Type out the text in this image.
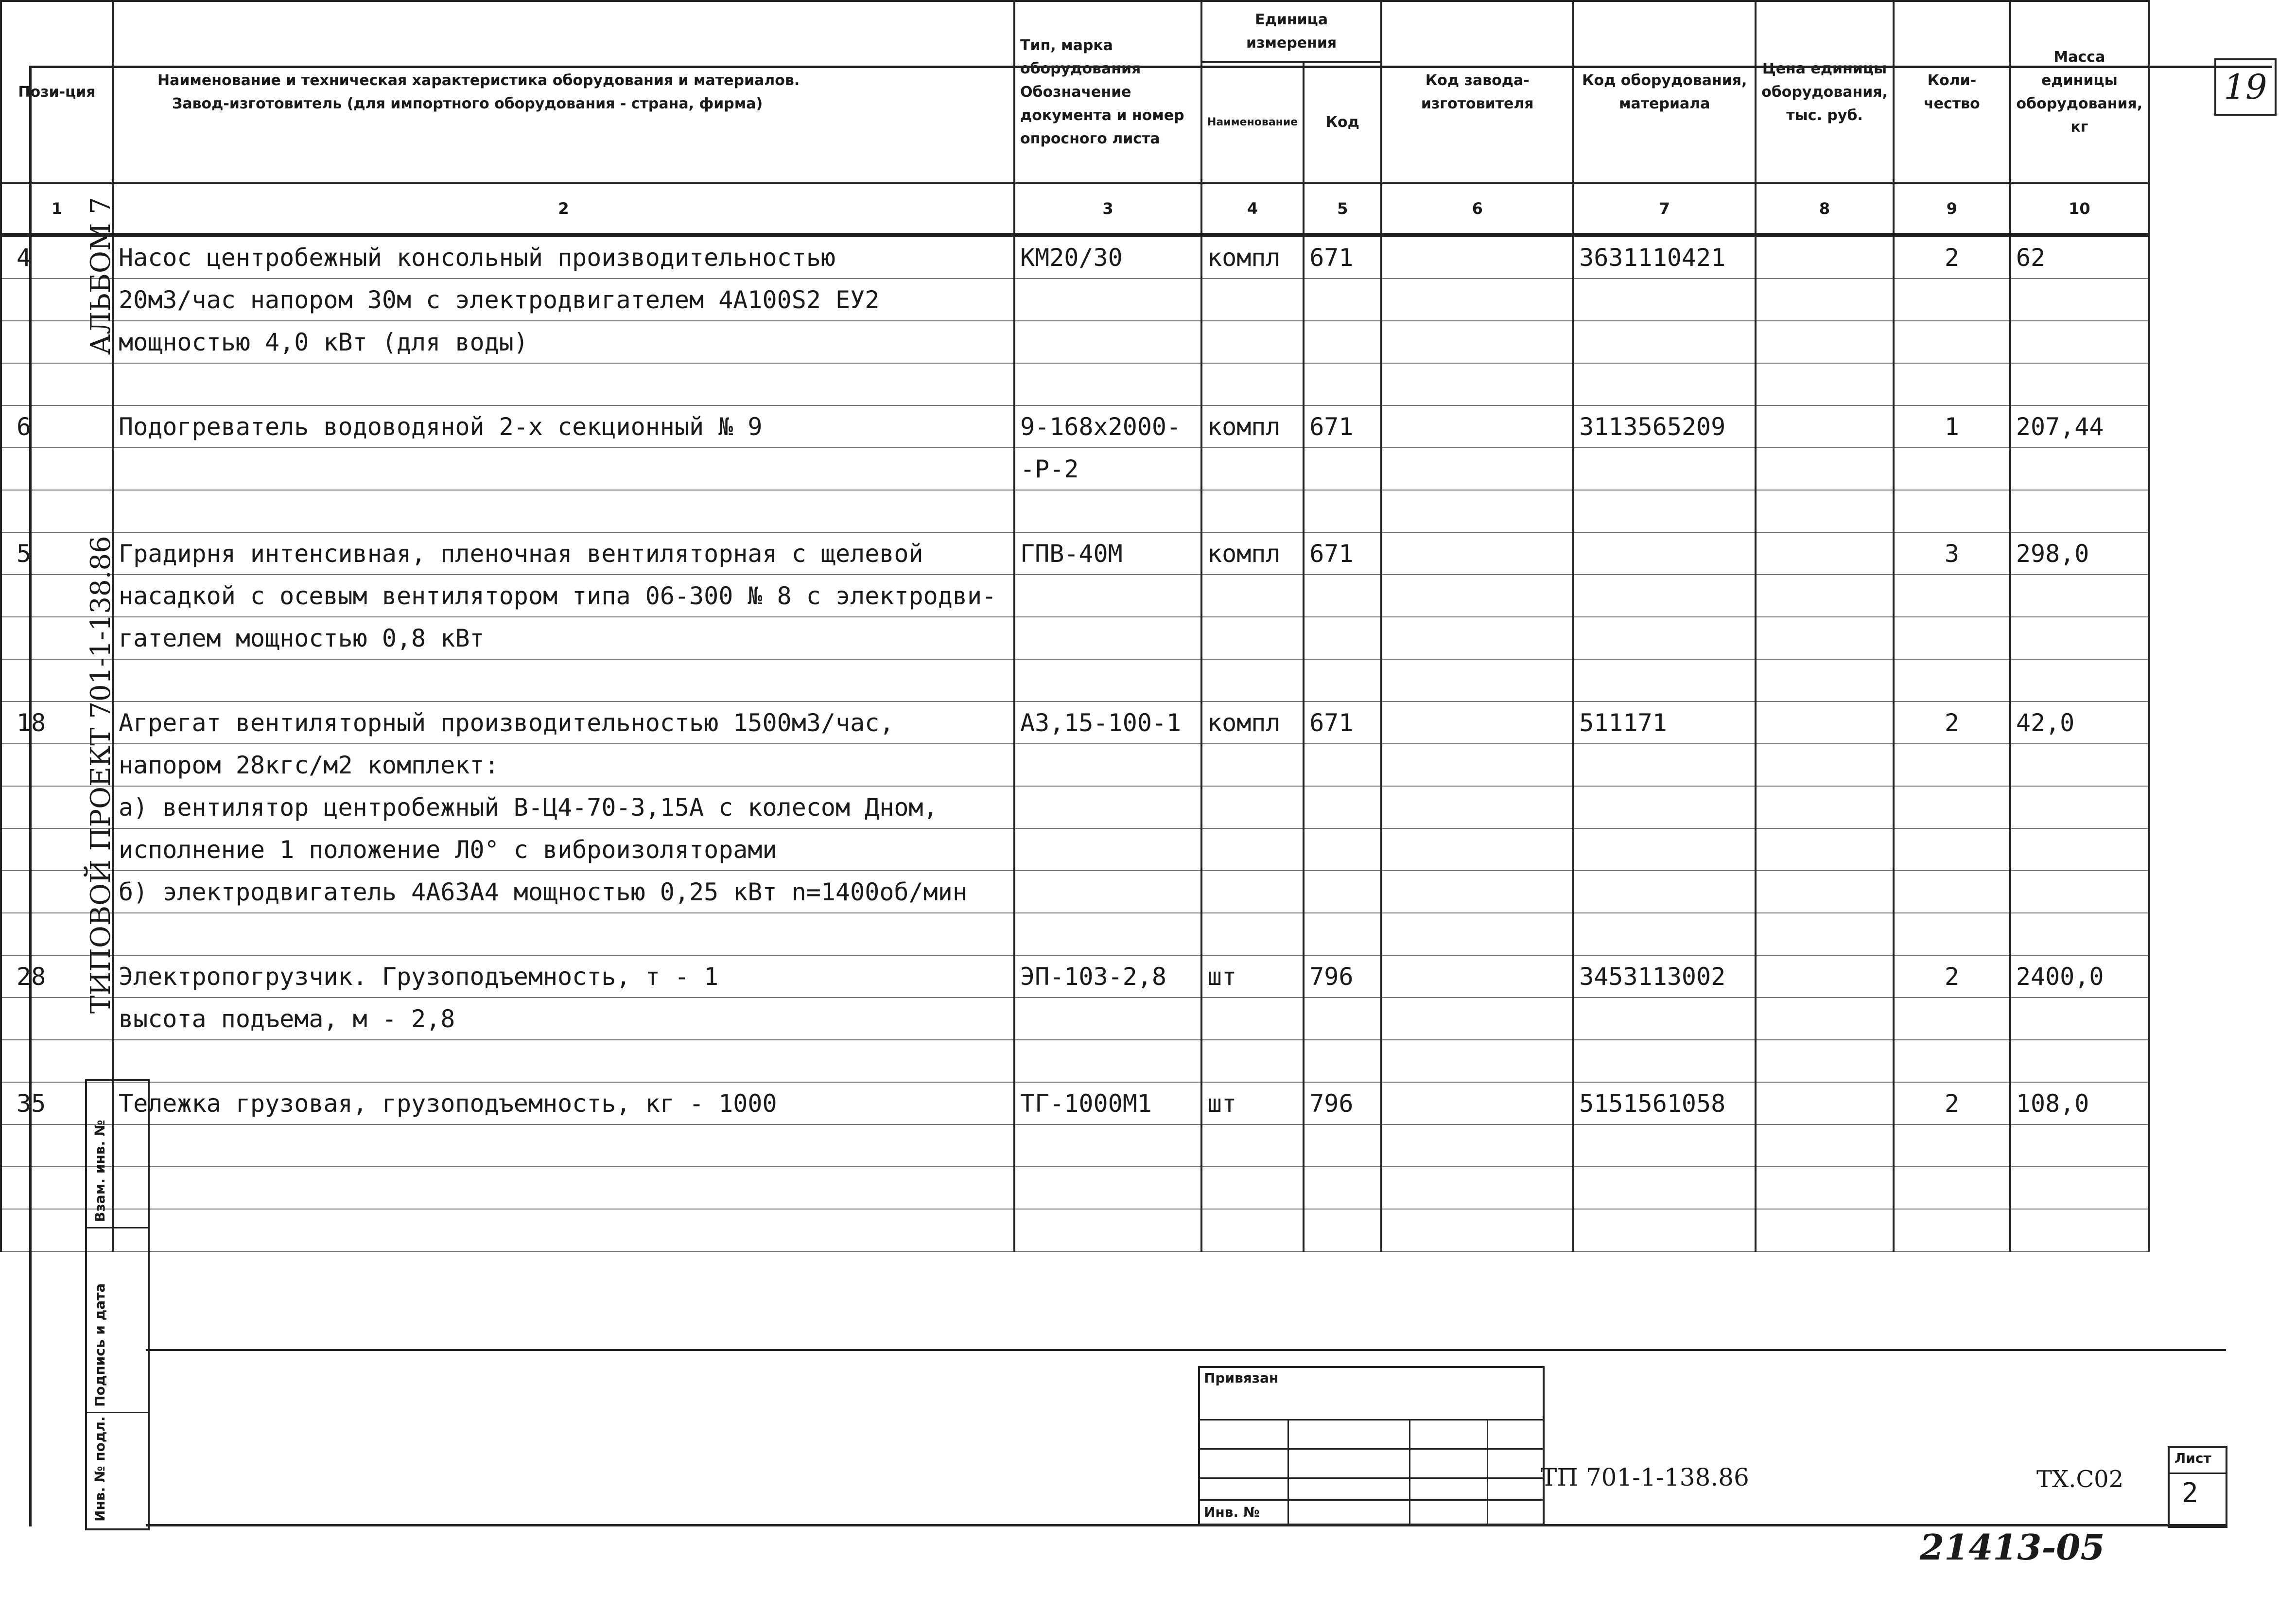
19
АЛЬБОМ 7
ТИПОВОЙ ПРОЕКТ 701-1-138.86
Пози-ция	Наименование и техническая характеристика оборудования и материалов.
Завод-изготовитель (для импортного оборудования - страна, фирма)	Тип, марка оборудования Обозначение документа и номер опросного листа	Единица измерения		Код завода-изготовителя	Код оборудования, материала	Цена единицы оборудования, тыс. руб.	Коли-чество	Масса единицы оборудования, кг
			Наименование	Код					
1	2	3	4	5	6	7	8	9	10
4	Насос центробежный консольный производительностью	КМ20/30	компл	671		3631110421		2	62
	20м3/час напором 30м с электродвигателем 4А100S2 ЕУ2								
	мощностью 4,0 кВт (для воды)								

6	Подогреватель водоводяной 2-х секционный № 9	9-168х2000-	компл	671		3113565209		1	207,44
		-Р-2							

5	Градирня интенсивная, пленочная вентиляторная с щелевой	ГПВ-40М	компл	671				3	298,0
	насадкой с осевым вентилятором типа 06-300 № 8 с электродви-								
	гателем мощностью 0,8 кВт								

18	Агрегат вентиляторный производительностью 1500м3/час,	А3,15-100-1	компл	671		511171		2	42,0
	напором 28кгс/м2 комплект:								
	а) вентилятор центробежный В-Ц4-70-3,15А с колесом Дном,								
	исполнение 1 положение Л0° с виброизоляторами								
	б) электродвигатель 4А63А4 мощностью 0,25 кВт n=1400об/мин								

28	Электропогрузчик. Грузоподъемность, т - 1	ЭП-103-2,8	шт	796		3453113002		2	2400,0
	высота подъема, м - 2,8								

35	Тележка грузовая, грузоподъемность, кг - 1000	ТГ-1000М1	шт	796		5151561058		2	108,0

Взам. инв. №
Подпись и дата
Инв. № подл.
Привязан
Инв. №
ТП 701-1-138.86	ТХ.С02
Лист
2
21413-05
